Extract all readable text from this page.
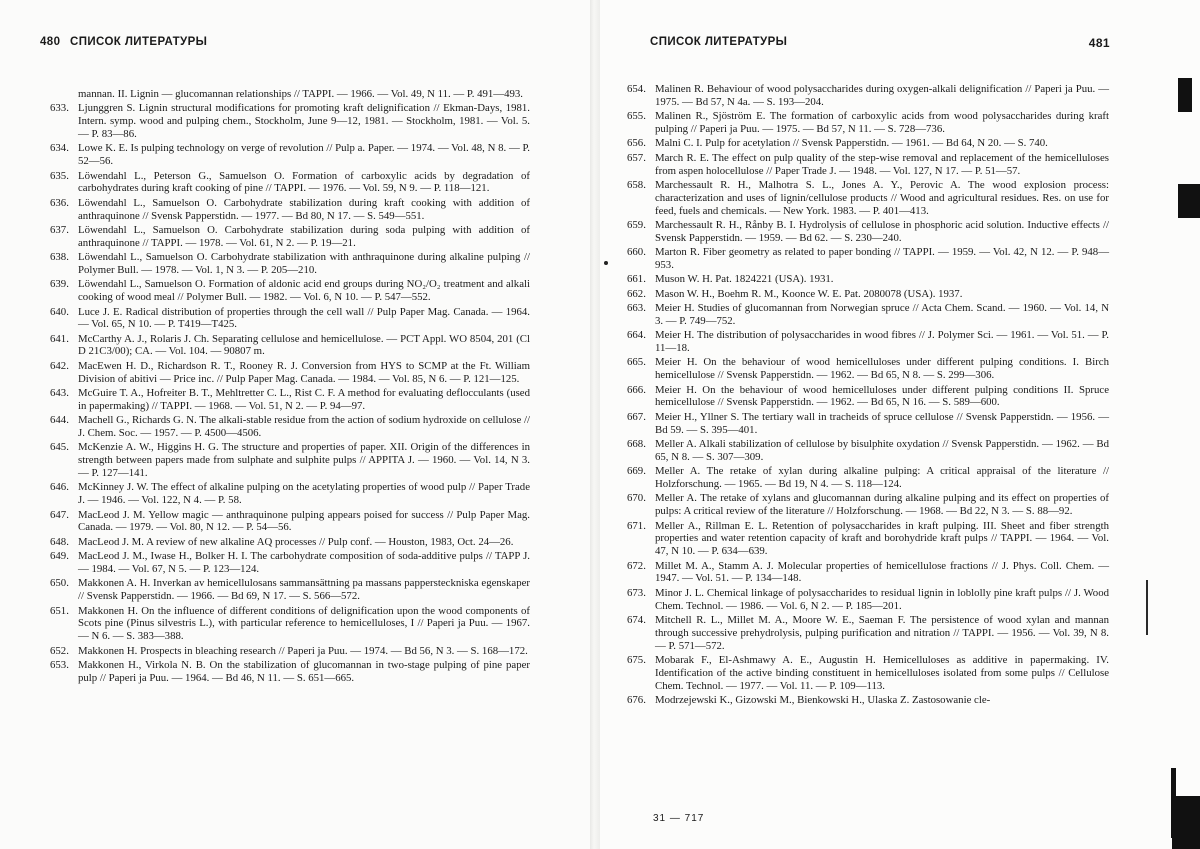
480 СПИСОК ЛИТЕРАТУРЫ
mannan. II. Lignin — glucomannan relationships // TAPPI. — 1966. — Vol. 49, N 11. — P. 491—493.
633. Ljunggren S. Lignin structural modifications for promoting kraft delignification // Ekman-Days, 1981. Intern. symp. wood and pulping chem., Stockholm, June 9—12, 1981. — Stockholm, 1981. — Vol. 5. — P. 83—86.
634. Lowe K. E. Is pulping technology on verge of revolution // Pulp a. Paper. — 1974. — Vol. 48, N 8. — P. 52—56.
635. Löwendahl L., Peterson G., Samuelson O. Formation of carboxylic acids by degradation of carbohydrates during kraft cooking of pine // TAPPI. — 1976. — Vol. 59, N 9. — P. 118—121.
636. Löwendahl L., Samuelson O. Carbohydrate stabilization during kraft cooking with addition of anthraquinone // Svensk Papperstidn. — 1977. — Bd 80, N 17. — S. 549—551.
637. Löwendahl L., Samuelson O. Carbohydrate stabilization during soda pulping with addition of anthraquinone // TAPPI. — 1978. — Vol. 61, N 2. — P. 19—21.
638. Löwendahl L., Samuelson O. Carbohydrate stabilization with anthraquinone during alkaline pulping // Polymer Bull. — 1978. — Vol. 1, N 3. — P. 205—210.
639. Löwendahl L., Samuelson O. Formation of aldonic acid end groups during NO₂/O₂ treatment and alkali cooking of wood meal // Polymer Bull. — 1982. — Vol. 6, N 10. — P. 547—552.
640. Luce J. E. Radical distribution of properties through the cell wall // Pulp Paper Mag. Canada. — 1964. — Vol. 65, N 10. — P. T419—T425.
641. McCarthy A. J., Rolaris J. Ch. Separating cellulose and hemicellulose. — PCT Appl. WO 8504, 201 (Cl D 21C3/00); CA. — Vol. 104. — 90807 m.
642. MacEwen H. D., Richardson R. T., Rooney R. J. Conversion from HYS to SCMP at the Ft. William Division of abitivi — Price inc. // Pulp Paper Mag. Canada. — 1984. — Vol. 85, N 6. — P. 121—125.
643. McGuire T. A., Hofreiter B. T., Mehltretter C. L., Rist C. F. A method for evaluating deflocculants (used in papermaking) // TAPPI. — 1968. — Vol. 51, N 2. — P. 94—97.
644. Machell G., Richards G. N. The alkali-stable residue from the action of sodium hydroxide on cellulose // J. Chem. Soc. — 1957. — P. 4500—4506.
645. McKenzie A. W., Higgins H. G. The structure and properties of paper. XII. Origin of the differences in strength between papers made from sulphate and sulphite pulps // APPITA J. — 1960. — Vol. 14, N 3. — P. 127—141.
646. McKinney J. W. The effect of alkaline pulping on the acetylating properties of wood pulp // Paper Trade J. — 1946. — Vol. 122, N 4. — P. 58.
647. MacLeod J. M. Yellow magic — anthraquinone pulping appears poised for success // Pulp Paper Mag. Canada. — 1979. — Vol. 80, N 12. — P. 54—56.
648. MacLeod J. M. A review of new alkaline AQ processes // Pulp conf. — Houston, 1983, Oct. 24—26.
649. MacLeod J. M., Iwase H., Bolker H. I. The carbohydrate composition of soda-additive pulps // TAPP J. — 1984. — Vol. 67, N 5. — P. 123—124.
650. Makkonen A. H. Inverkan av hemicellulosans sammansättning pa massans pappersteckniska egenskaper // Svensk Papperstidn. — 1966. — Bd 69, N 17. — S. 566—572.
651. Makkonen H. On the influence of different conditions of delignification upon the wood components of Scots pine (Pinus silvestris L.), with particular reference to hemicelluloses, I // Paperi ja Puu. — 1967. — N 6. — S. 383—388.
652. Makkonen H. Prospects in bleaching research // Paperi ja Puu. — 1974. — Bd 56, N 3. — S. 168—172.
653. Makkonen H., Virkola N. B. On the stabilization of glucomannan in two-stage pulping of pine paper pulp // Paperi ja Puu. — 1964. — Bd 46, N 11. — S. 651—665.
СПИСОК ЛИТЕРАТУРЫ	481
654. Malinen R. Behaviour of wood polysaccharides during oxygen-alkali delignification // Paperi ja Puu. — 1975. — Bd 57, N 4a. — S. 193—204.
655. Malinen R., Sjöström E. The formation of carboxylic acids from wood polysaccharides during kraft pulping // Paperi ja Puu. — 1975. — Bd 57, N 11. — S. 728—736.
656. Malni C. I. Pulp for acetylation // Svensk Papperstidn. — 1961. — Bd 64, N 20. — S. 740.
657. March R. E. The effect on pulp quality of the step-wise removal and replacement of the hemicelluloses from aspen holocellulose // Paper Trade J. — 1948. — Vol. 127, N 17. — P. 51—57.
658. Marchessault R. H., Malhotra S. L., Jones A. Y., Perovic A. The wood explosion process: characterization and uses of lignin/cellulose products // Wood and agricultural residues. Res. on use for feed, fuels and chemicals. — New York. 1983. — P. 401—413.
659. Marchessault R. H., Rånby B. I. Hydrolysis of cellulose in phosphoric acid solution. Inductive effects // Svensk Papperstidn. — 1959. — Bd 62. — S. 230—240.
660. Marton R. Fiber geometry as related to paper bonding // TAPPI. — 1959. — Vol. 42, N 12. — P. 948—953.
661. Muson W. H. Pat. 1824221 (USA). 1931.
662. Mason W. H., Boehm R. M., Koonce W. E. Pat. 2080078 (USA). 1937.
663. Meier H. Studies of glucomannan from Norwegian spruce // Acta Chem. Scand. — 1960. — Vol. 14, N 3. — P. 749—752.
664. Meier H. The distribution of polysaccharides in wood fibres // J. Polymer Sci. — 1961. — Vol. 51. — P. 11—18.
665. Meier H. On the behaviour of wood hemicelluloses under different pulping conditions. I. Birch hemicellulose // Svensk Papperstidn. — 1962. — Bd 65, N 8. — S. 299—306.
666. Meier H. On the behaviour of wood hemicelluloses under different pulping conditions II. Spruce hemicellulose // Svensk Papperstidn. — 1962. — Bd 65, N 16. — S. 589—600.
667. Meier H., Yllner S. The tertiary wall in tracheids of spruce cellulose // Svensk Papperstidn. — 1956. — Bd 59. — S. 395—401.
668. Meller A. Alkali stabilization of cellulose by bisulphite oxydation // Svensk Papperstidn. — 1962. — Bd 65, N 8. — S. 307—309.
669. Meller A. The retake of xylan during alkaline pulping: A critical appraisal of the literature // Holzforschung. — 1965. — Bd 19, N 4. — S. 118—124.
670. Meller A. The retake of xylans and glucomannan during alkaline pulping and its effect on properties of pulps: A critical review of the literature // Holzforschung. — 1968. — Bd 22, N 3. — S. 88—92.
671. Meller A., Rillman E. L. Retention of polysaccharides in kraft pulping. III. Sheet and fiber strength properties and water retention capacity of kraft and borohydride kraft pulps // TAPPI. — 1964. — Vol. 47, N 10. — P. 634—639.
672. Millet M. A., Stamm A. J. Molecular properties of hemicellulose fractions // J. Phys. Coll. Chem. — 1947. — Vol. 51. — P. 134—148.
673. Minor J. L. Chemical linkage of polysaccharides to residual lignin in loblolly pine kraft pulps // J. Wood Chem. Technol. — 1986. — Vol. 6, N 2. — P. 185—201.
674. Mitchell R. L., Millet M. A., Moore W. E., Saeman F. The persistence of wood xylan and mannan through successive prehydrolysis, pulping purification and nitration // TAPPI. — 1956. — Vol. 39, N 8. — P. 571—572.
675. Mobarak F., El-Ashmawy A. E., Augustin H. Hemicelluloses as additive in papermaking. IV. Identification of the active binding constituent in hemicelluloses isolated from some pulps // Cellulose Chem. Technol. — 1977. — Vol. 11. — P. 109—113.
676. Modrzejewski K., Gizowski M., Bienkowski H., Ulaska Z. Zastosowanie cle-
31 — 717
